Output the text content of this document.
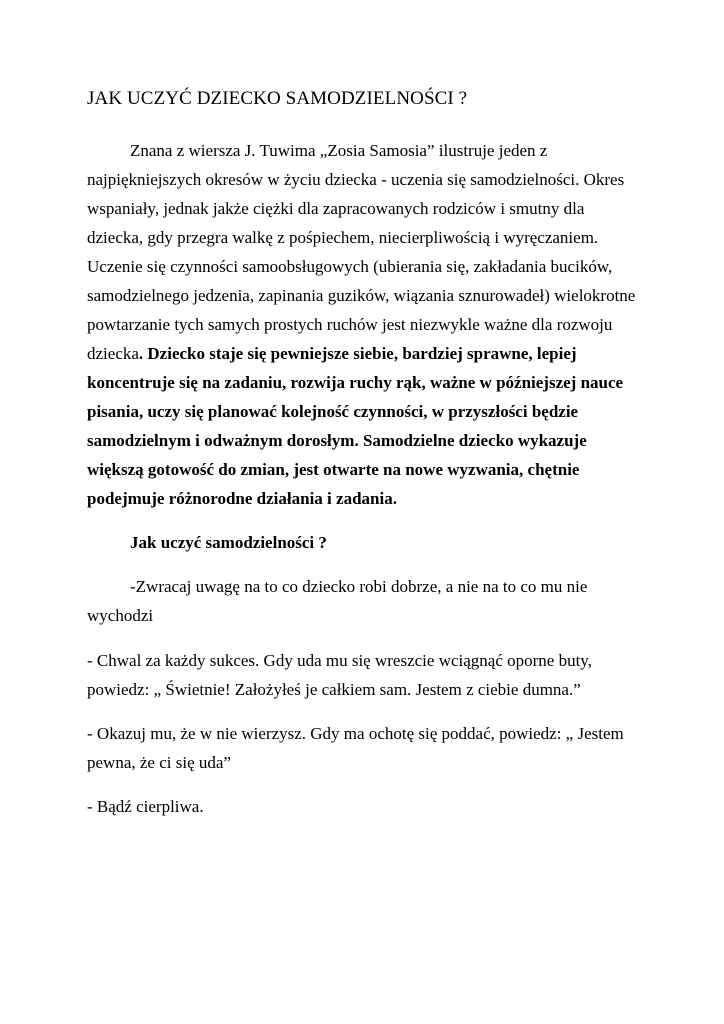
JAK UCZYĆ DZIECKO SAMODZIELNOŚCI ?

Znana z wiersza J. Tuwima „Zosia Samosia” ilustruje jeden z

najpiękniejszych okresów w życiu dziecka - uczenia się samodzielności. Okres

wspaniały, jednak jakże ciężki dla zapracowanych rodziców i smutny dla

dziecka, gdy przegra walkę z pośpiechem, niecierpliwością i wyręczaniem.

Uczenie się czynności samoobsługowych (ubierania się, zakładania bucików,

samodzielnego jedzenia, zapinania guzików, wiązania sznurowadeł) wielokrotne

powtarzanie tych samych prostych ruchów jest niezwykle ważne dla rozwoju

dziecka. Dziecko staje się pewniejsze siebie, bardziej sprawne, lepiej

koncentruje się na zadaniu, rozwija ruchy rąk, ważne w późniejszej nauce

pisania, uczy się planować kolejność czynności, w przyszłości będzie

samodzielnym i odważnym dorosłym. Samodzielne dziecko wykazuje

większą gotowość do zmian, jest otwarte na nowe wyzwania, chętnie

podejmuje różnorodne działania i zadania.

Jak uczyć samodzielności ?

-Zwracaj uwagę na to co dziecko robi dobrze, a nie na to co mu nie

wychodzi

- Chwal za każdy sukces. Gdy uda mu się wreszcie wciągnąć oporne buty,

powiedz: „ Świetnie! Założyłeś je całkiem sam. Jestem z ciebie dumna.”

- Okazuj mu, że w nie wierzysz. Gdy ma ochotę się poddać, powiedz: „ Jestem

pewna, że ci się uda”

- Bądź cierpliwa.
